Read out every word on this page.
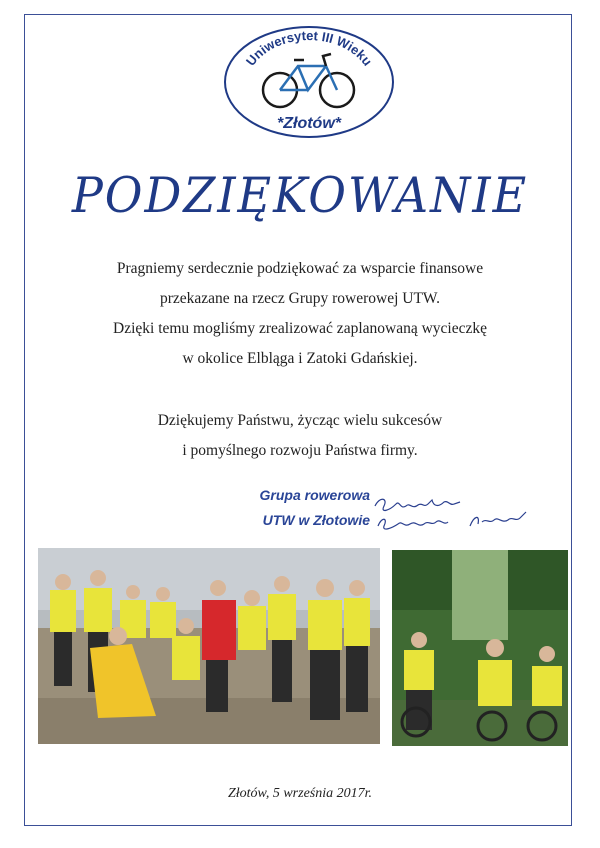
Uniwersytet III Wieku
*Złotów*
PODZIĘKOWANIE
Pragniemy serdecznie podziękować za wsparcie finansowe
przekazane na rzecz Grupy rowerowej UTW.
Dzięki temu mogliśmy zrealizować zaplanowaną wycieczkę
w okolice Elbląga i Zatoki Gdańskiej.
Dziękujemy Państwu, życząc wielu sukcesów
i pomyślnego rozwoju Państwa firmy.
Grupa rowerowa
UTW w Złotowie
Złotów, 5 września 2017r.
